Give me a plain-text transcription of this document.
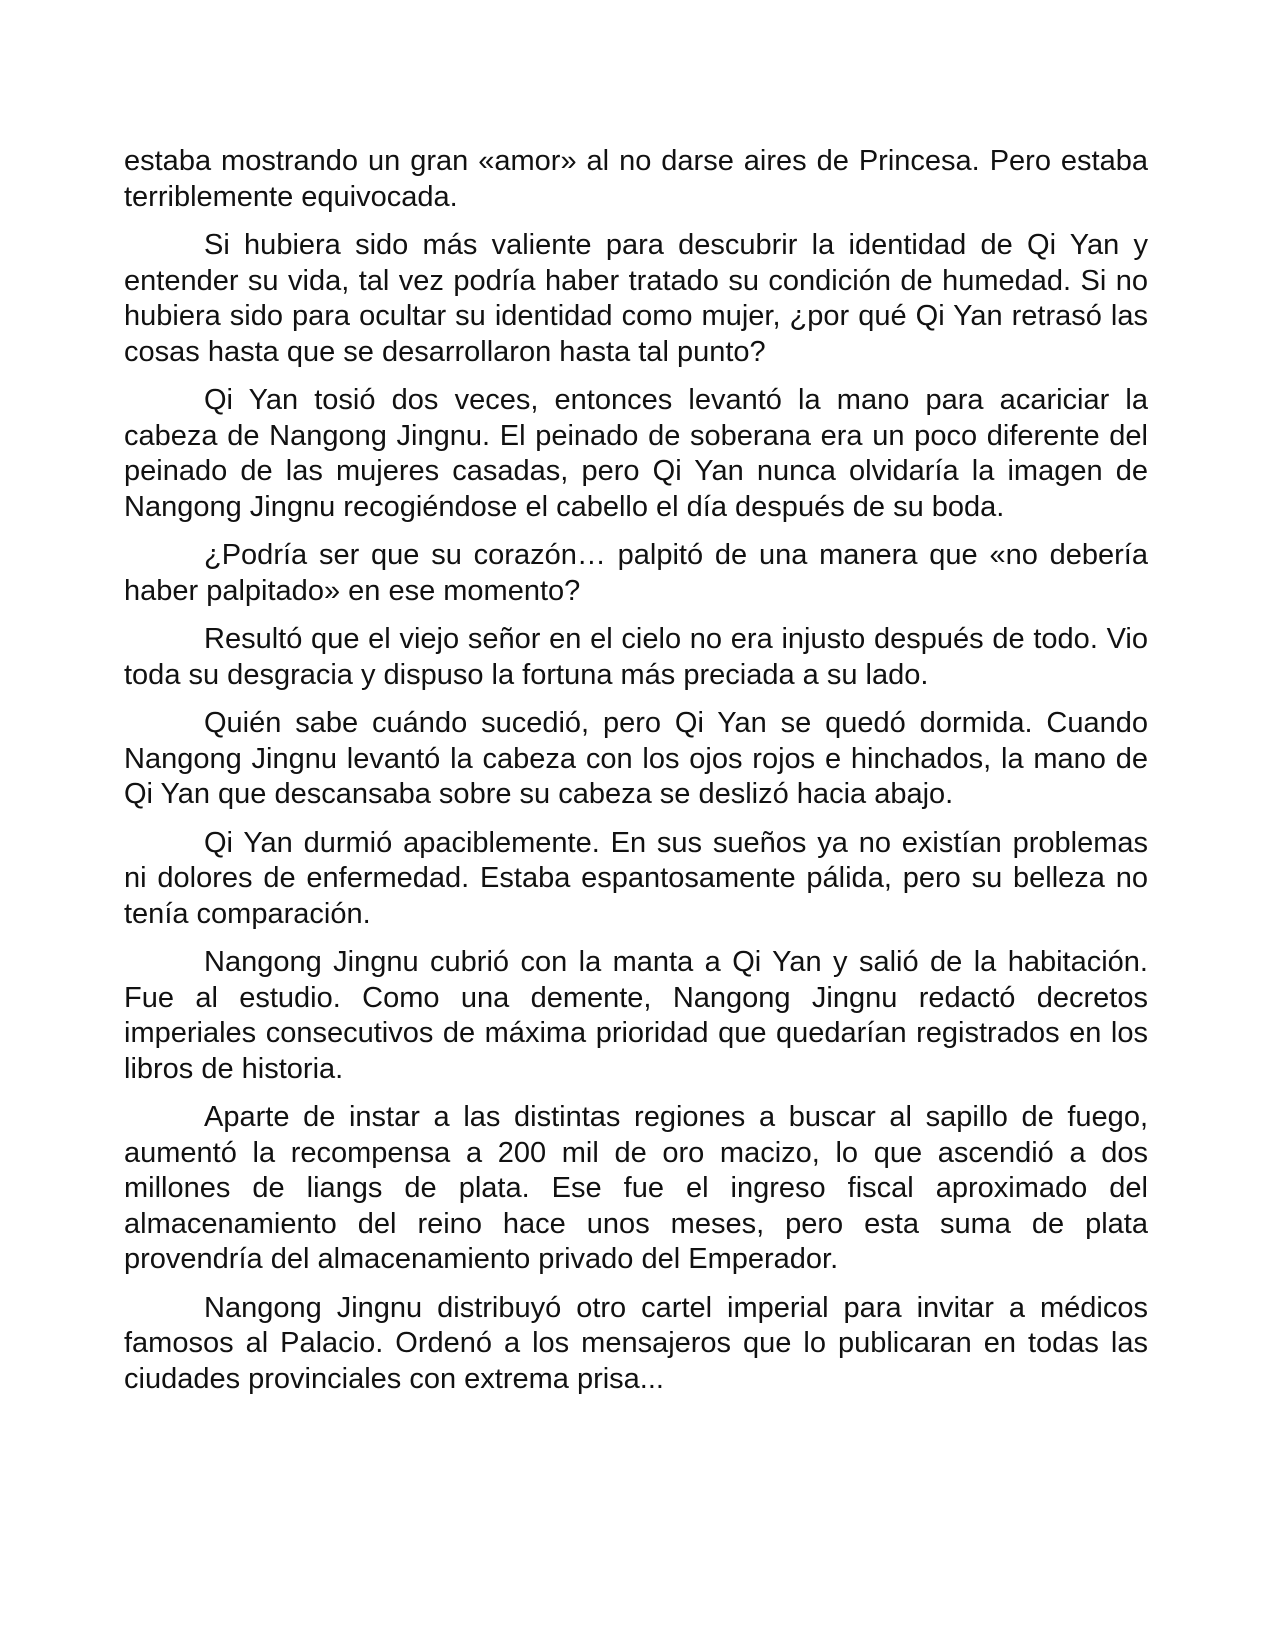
estaba mostrando un gran «amor» al no darse aires de Princesa. Pero estaba terriblemente equivocada.

Si hubiera sido más valiente para descubrir la identidad de Qi Yan y entender su vida, tal vez podría haber tratado su condición de humedad. Si no hubiera sido para ocultar su identidad como mujer, ¿por qué Qi Yan retrasó las cosas hasta que se desarrollaron hasta tal punto?

Qi Yan tosió dos veces, entonces levantó la mano para acariciar la cabeza de Nangong Jingnu. El peinado de soberana era un poco diferente del peinado de las mujeres casadas, pero Qi Yan nunca olvidaría la imagen de Nangong Jingnu recogiéndose el cabello el día después de su boda.

¿Podría ser que su corazón… palpitó de una manera que «no debería haber palpitado» en ese momento?

Resultó que el viejo señor en el cielo no era injusto después de todo. Vio toda su desgracia y dispuso la fortuna más preciada a su lado.

Quién sabe cuándo sucedió, pero Qi Yan se quedó dormida. Cuando Nangong Jingnu levantó la cabeza con los ojos rojos e hinchados, la mano de Qi Yan que descansaba sobre su cabeza se deslizó hacia abajo.

Qi Yan durmió apaciblemente. En sus sueños ya no existían problemas ni dolores de enfermedad. Estaba espantosamente pálida, pero su belleza no tenía comparación.

Nangong Jingnu cubrió con la manta a Qi Yan y salió de la habitación. Fue al estudio. Como una demente, Nangong Jingnu redactó decretos imperiales consecutivos de máxima prioridad que quedarían registrados en los libros de historia.

Aparte de instar a las distintas regiones a buscar al sapillo de fuego, aumentó la recompensa a 200 mil de oro macizo, lo que ascendió a dos millones de liangs de plata. Ese fue el ingreso fiscal aproximado del almacenamiento del reino hace unos meses, pero esta suma de plata provendría del almacenamiento privado del Emperador.

Nangong Jingnu distribuyó otro cartel imperial para invitar a médicos famosos al Palacio. Ordenó a los mensajeros que lo publicaran en todas las ciudades provinciales con extrema prisa...
